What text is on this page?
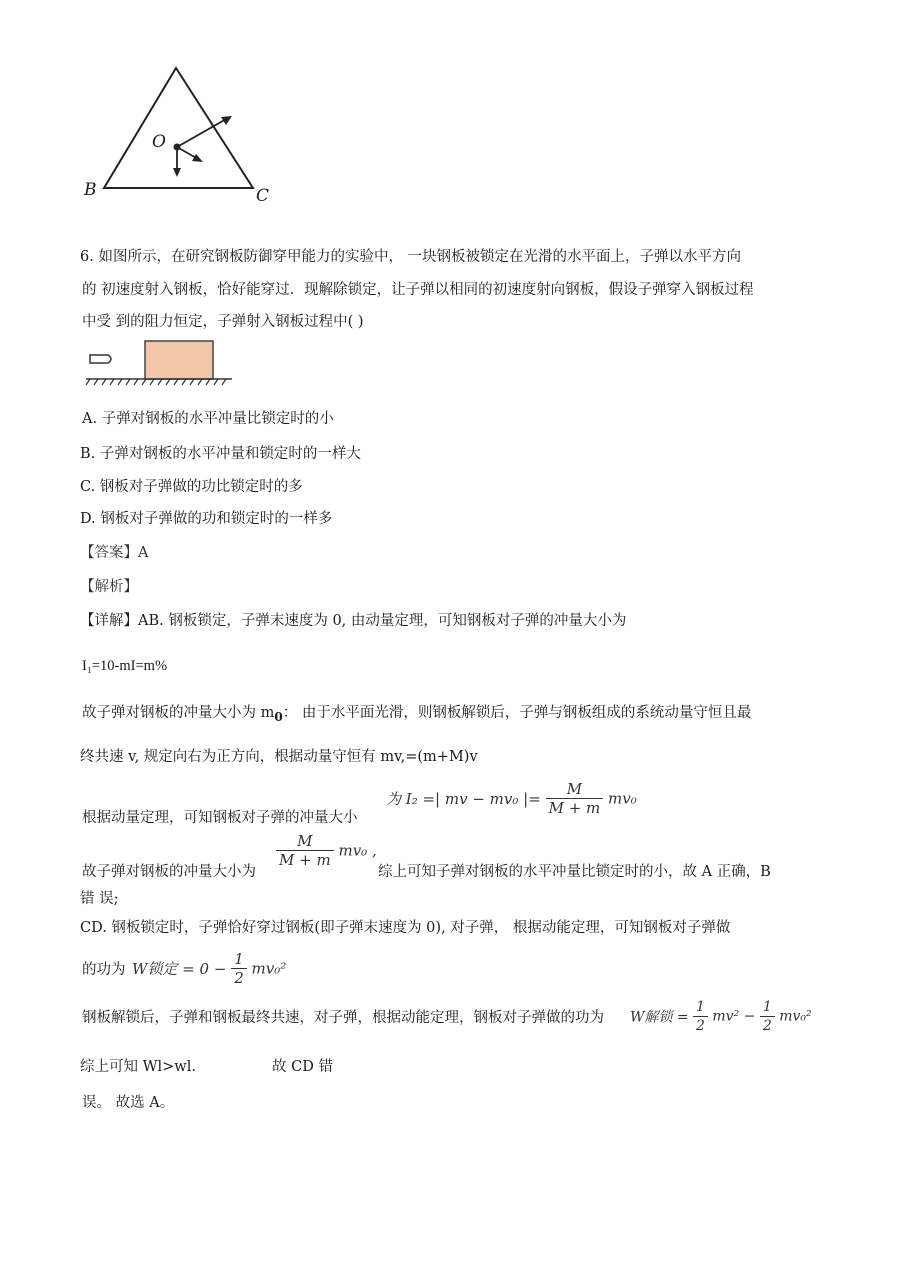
O
B	C
6. 如图所示，在研究钢板防御穿甲能力的实验中， 一块钢板被锁定在光滑的水平面上，子弹以水平方向
的 初速度射入钢板，恰好能穿过．现解除锁定，让子弹以相同的初速度射向钢板，假设子弹穿入钢板过程
中受 到的阻力恒定，子弹射入钢板过程中( )
A. 子弹对钢板的水平冲量比锁定时的小
B. 子弹对钢板的水平冲量和锁定时的一样大
C. 钢板对子弹做的功比锁定时的多
D. 钢板对子弹做的功和锁定时的一样多
【答案】A
【解析】
【详解】AB. 钢板锁定，子弹末速度为 0, 由动量定理，可知钢板对子弹的冲量大小为
I₁=10-mI=m%
故子弹对钢板的冲量大小为 $m_0$： 由于水平面光滑，则钢板解锁后，子弹与钢板组成的系统动量守恒且最
终共速 v, 规定向右为正方向，根据动量守恒有 mv,=(m+M)v
根据动量定理，可知钢板对子弹的冲量大小
为 I₂ =| mv − mv₀ |= $\frac{M}{M + m} mv_0$
故子弹对钢板的冲量大小为
$\frac{M}{M + m} mv_0$ ,
综上可知子弹对钢板的水平冲量比锁定时的小，故 A 正确，B
错 误;
CD. 钢板锁定时，子弹恰好穿过钢板(即子弹末速度为 0), 对子弹， 根据动能定理，可知钢板对子弹做
的功为 W锁定 = $0 - \frac{1}{2} mv_0^2$
钢板解锁后，子弹和钢板最终共速，对子弹，根据动能定理，钢板对子弹做的功为 W解锁 = $\frac{1}{2} mv^2 - \frac{1}{2} mv_0^2$
综上可知 Wl>wl.	故 CD 错
误。 故选 A。
